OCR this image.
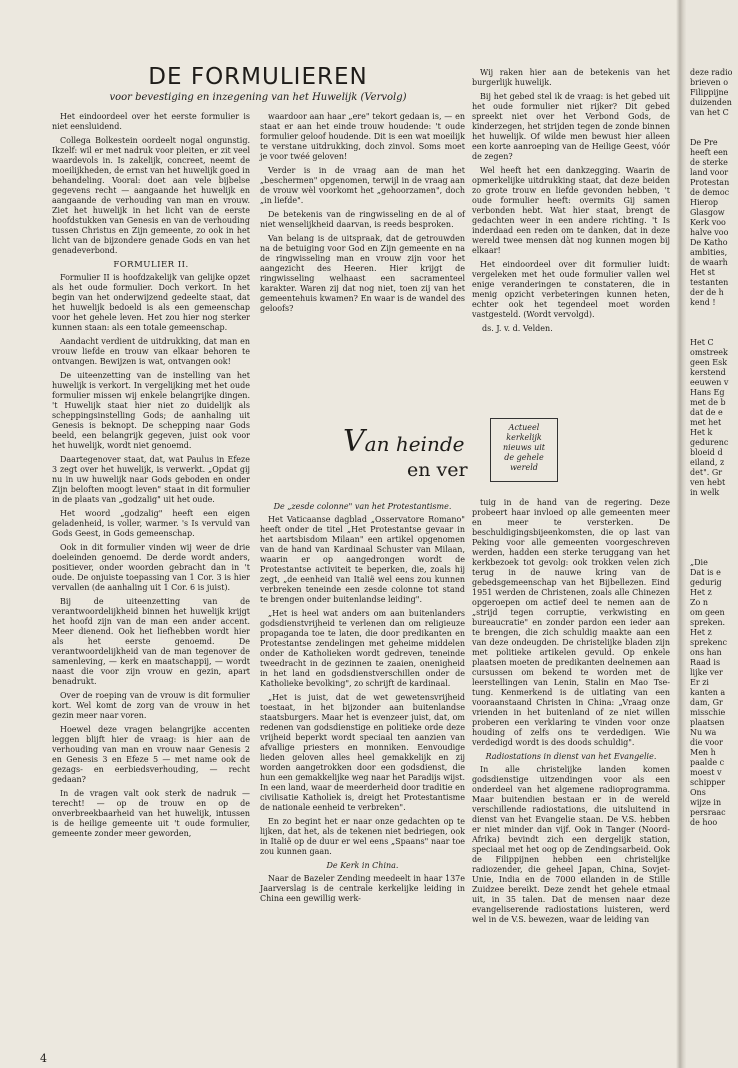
DE FORMULIEREN
voor bevestiging en inzegening van het Huwelijk (Vervolg)

Het eindoordeel over het eerste formulier is niet eensluidend.

Collega Bolkestein oordeelt nogal ongunstig. Ikzelf: wil er met nadruk voor pleiten, er zit veel waardevols in. Is zakelijk, concreet, neemt de moeilijkheden, de ernst van het huwelijk goed in behandeling. Vooral: doet aan vele bijbelse gegevens recht — aangaande het huwelijk en aangaande de verhouding van man en vrouw. Ziet het huwelijk in het licht van de eerste hoofdstukken van Genesis en van de verhouding tussen Christus en Zijn gemeente, zo ook in het licht van de bijzondere genade Gods en van het genadeverbond.

FORMULIER II.

Formulier II is hoofdzakelijk van gelijke opzet als het oude formulier. Doch verkort. In het begin van het onderwijzend gedeelte staat, dat het huwelijk bedoeld is als een gemeenschap voor het gehele leven. Het zou hier nog sterker kunnen staan: als een totale gemeenschap.

Aandacht verdient de uitdrukking, dat man en vrouw liefde en trouw van elkaar behoren te ontvangen. Bewijzen is wat, ontvangen ook!

De uiteenzetting van de instelling van het huwelijk is verkort. In vergelijking met het oude formulier missen wij enkele belangrijke dingen. 't Huwelijk staat hier niet zo duidelijk als scheppingsinstelling Gods; de aanhaling uit Genesis is beknopt. De schepping naar Gods beeld, een belangrijk gegeven, juist ook voor het huwelijk, wordt niet genoemd.

Daartegenover staat, dat, wat Paulus in Efeze 3 zegt over het huwelijk, is verwerkt. „Opdat gij nu in uw huwelijk naar Gods geboden en onder Zijn beloften moogt leven" staat in dit formulier in de plaats van „godzalig" uit het oude.

Het woord „godzalig" heeft een eigen geladenheid, is voller, warmer. 's Is vervuld van Gods Geest, in Gods gemeenschap.

Ook in dit formulier vinden wij weer de drie doeleinden genoemd. De derde wordt anders, positiever, onder woorden gebracht dan in 't oude. De onjuiste toepassing van 1 Cor. 3 is hier vervallen (de aanhaling uit 1 Cor. 6 is juist).

Bij de uiteenzetting van de verantwoordelijkheid binnen het huwelijk krijgt het hoofd zijn van de man een ander accent. Meer dienend. Ook het liefhebben wordt hier als het eerste genoemd. De verantwoordelijkheid van de man tegenover de samenleving, — kerk en maatschappij, — wordt naast die voor zijn vrouw en gezin, apart benadrukt.

Over de roeping van de vrouw is dit formulier kort. Wel komt de zorg van de vrouw in het gezin meer naar voren.

Hoewel deze vragen belangrijke accenten leggen blijft hier de vraag: is hier aan de verhouding van man en vrouw naar Genesis 2 en Genesis 3 en Efeze 5 — met name ook de gezags- en eerbiedsverhouding, — recht gedaan?

In de vragen valt ook sterk de nadruk — terecht! — op de trouw en op de onverbreekbaarheid van het huwelijk, intussen is de heilige gemeente uit 't oude formulier, gemeente zonder meer geworden,

waardoor aan haar „ere" tekort gedaan is, — en staat er aan het einde trouw houdende: 't oude formulier geloof houdende. Dit is een wat moeilijk te verstane uitdrukking, doch zinvol. Soms moet je voor twéé geloven!

Verder is in de vraag aan de man het „beschermen" opgenomen, terwijl in de vraag aan de vrouw wèl voorkomt het „gehoorzamen", doch „in liefde".

De betekenis van de ringwisseling en de al of niet wenselijkheid daarvan, is reeds besproken.

Van belang is de uitspraak, dat de getrouwden na de betuiging voor God en Zijn gemeente en na de ringwisseling man en vrouw zijn voor het aangezicht des Heeren. Hier krijgt de ringwisseling welhaast een sacramenteel karakter. Waren zij dat nog niet, toen zij van het gemeentehuis kwamen? En waar is de wandel des geloofs?

Wij raken hier aan de betekenis van het burgerlijk huwelijk.

Bij het gebed stel ik de vraag: is het gebed uit het oude formulier niet rijker? Dit gebed spreekt niet over het Verbond Gods, de kinderzegen, het strijden tegen de zonde binnen het huwelijk. Of wilde men bewust hier alleen een korte aanroeping van de Heilige Geest, vóór de zegen?

Wel heeft het een dankzegging. Waarin de opmerkelijke uitdrukking staat, dat deze beiden zo grote trouw en liefde gevonden hebben, 't oude formulier heeft: overmits Gij samen verbonden hebt. Wat hier staat, brengt de gedachten weer in een andere richting. 't Is inderdaad een reden om te danken, dat in deze wereld twee mensen dàt nog kunnen mogen bij elkaar!

Het eindoordeel over dit formulier luidt: vergeleken met het oude formulier vallen wel enige veranderingen te constateren, die in menig opzicht verbeteringen kunnen heten, echter ook het tegendeel moet worden vastgesteld. (Wordt vervolgd).

ds. J. v. d. Velden.

Van heinde
en ver
Actueel
kerkelijk
nieuws uit
de gehele
wereld

De „zesde colonne" van het Protestantisme.

Het Vaticaanse dagblad „Osservatore Romano" heeft onder de titel „Het Protestantse gevaar in het aartsbisdom Milaan" een artikel opgenomen van de hand van Kardinaal Schuster van Milaan, waarin er op aangedrongen wordt de Protestantse activiteit te beperken, die, zoals hij zegt, „de eenheid van Italië wel eens zou kunnen verbreken teneinde een zesde colonne tot stand te brengen onder buitenlandse leiding".

„Het is heel wat anders om aan buitenlanders godsdienstvrijheid te verlenen dan om religieuze propaganda toe te laten, die door predikanten en Protestantse zendelingen met geheime middelen onder de Katholieken wordt gedreven, teneinde tweedracht in de gezinnen te zaaien, onenigheid in het land en godsdienstverschillen onder de Katholieke bevolking", zo schrijft de kardinaal.

„Het is juist, dat de wet gewetensvrijheid toestaat, in het bijzonder aan buitenlandse staatsburgers. Maar het is evenzeer juist, dat, om redenen van godsdienstige en politieke orde deze vrijheid beperkt wordt speciaal ten aanzien van afvallige priesters en monniken. Eenvoudige lieden geloven alles heel gemakkelijk en zij worden aangetrokken door een godsdienst, die hun een gemakkelijke weg naar het Paradijs wijst. In een land, waar de meerderheid door traditie en civilisatie Katholiek is, dreigt het Protestantisme de nationale eenheid te verbreken".

En zo begint het er naar onze gedachten op te lijken, dat het, als de tekenen niet bedriegen, ook in Italië op de duur er wel eens „Spaans" naar toe zou kunnen gaan.

De Kerk in China.

Naar de Bazeler Zending meedeelt in haar 137e Jaarverslag is de centrale kerkelijke leiding in China een gewillig werk-

tuig in de hand van de regering. Deze probeert haar invloed op alle gemeenten meer en meer te versterken. De beschuldigingsbijeenkomsten, die op last van Peking voor alle gemeenten voorgeschreven werden, hadden een sterke teruggang van het kerkbezoek tot gevolg: ook trokken velen zich terug in de nauwe kring van de gebedsgemeenschap van het Bijbellezen. Eind 1951 werden de Christenen, zoals alle Chinezen opgeroepen om actief deel te nemen aan de „strijd tegen corruptie, verkwisting en bureaucratie" en zonder pardon een ieder aan te brengen, die zich schuldig maakte aan een van deze ondeugden. De christelijke bladen zijn met politieke artikelen gevuld. Op enkele plaatsen moeten de predikanten deelnemen aan cursussen om bekend te worden met de leerstellingen van Lenin, Stalin en Mao Tse-tung. Kenmerkend is de uitlating van een vooraanstaand Christen in China: „Vraag onze vrienden in het buitenland of ze niet willen proberen een verklaring te vinden voor onze houding of zelfs ons te verdedigen. Wie verdedigd wordt is des doods schuldig".

Radiostations in dienst van het Evangelie.

In alle christelijke landen komen godsdienstige uitzendingen voor als een onderdeel van het algemene radioprogramma. Maar buitendien bestaan er in de wereld verschillende radiostations, die uitsluitend in dienst van het Evangelie staan. De V.S. hebben er niet minder dan vijf. Ook in Tanger (Noord-Afrika) bevindt zich een dergelijk station, speciaal met het oog op de Zendingsarbeid. Ook de Filippijnen hebben een christelijke radiozender, die geheel Japan, China, Sovjet-Unie, India en de 7000 eilanden in de Stille Zuidzee bereikt. Deze zendt het gehele etmaal uit, in 35 talen. Dat de mensen naar deze evangeliserende radiostations luisteren, werd wel in de V.S. bewezen, waar de leiding van

4
deze radio
brieven o
Filippijne
duizenden
van het C
De Pre
heeft een
de sterke
land voor
Protestan
de democ
Hierop
Glasgow
Kerk voo
halve voo
De Katho
ambities,
de waarh
Het st
testanten
der de h
kend !
Het C
omstreek
geen Esk
kerstend
eeuwen v
Hans Eg
met de b
dat de e
met het
Het k
gedurenc
bloeid d
eiland, z
det". Gr
ven hebt
in welk
„Die
Dat is e
gedurig
Het z
Zo n
om geen
spreken.
Het z
sprekenc
ons han
Raad is
lijke ver
Er zi
kanten a
dam, Gr
misschie
plaatsen
Nu wa
die voor
Men h
paalde c
moest v
schipper
Ons
wijze in
persraac
de hoo
